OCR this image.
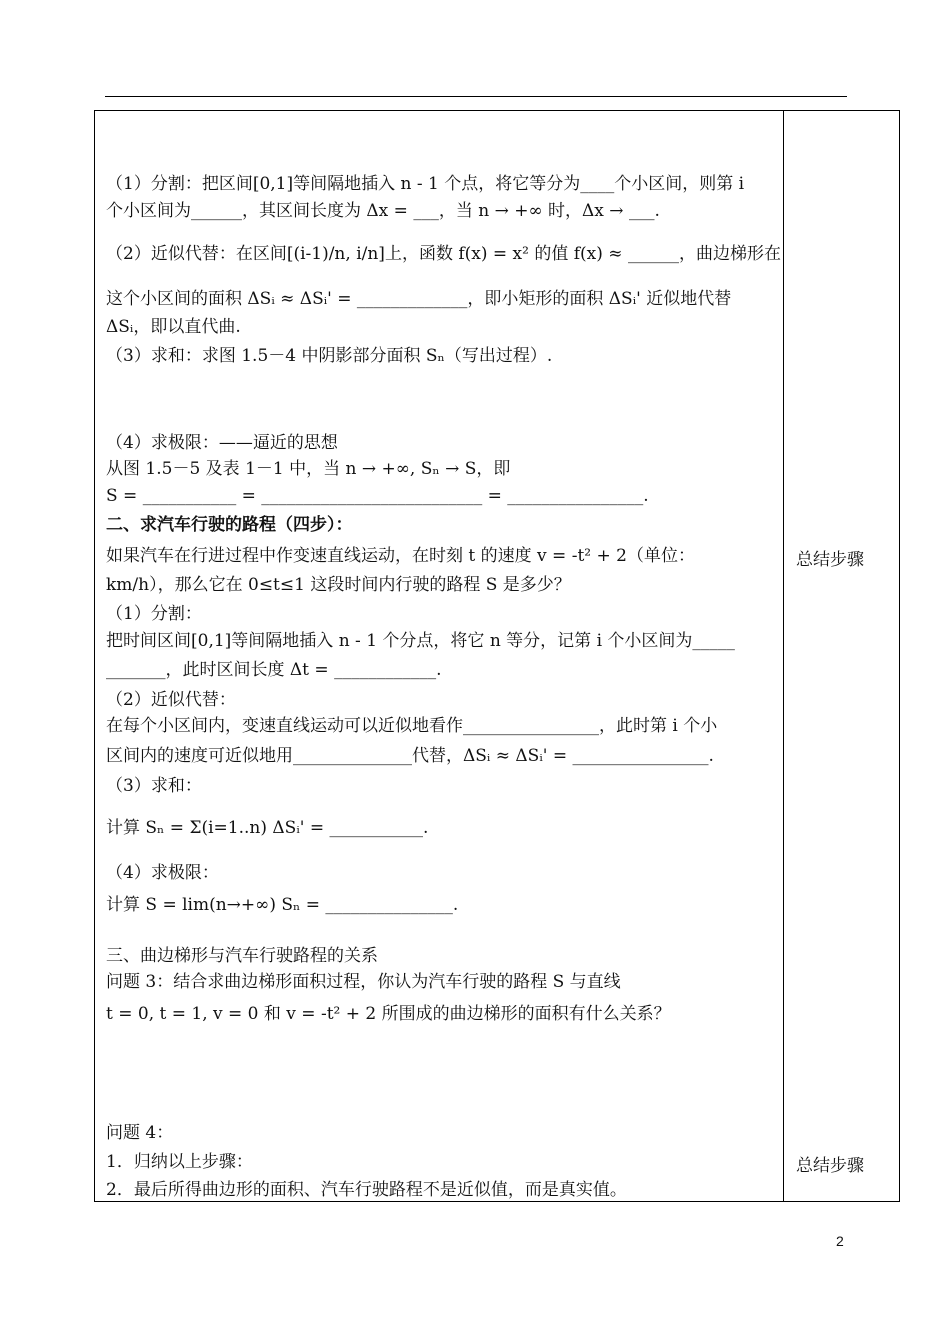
（1）分割：把区间[0,1]等间隔地插入 n - 1 个点，将它等分为____个小区间，则第 i
个小区间为______，其区间长度为 Δx = ___，当 n → +∞ 时，Δx → ___.
（2）近似代替：在区间[(i-1)/n, i/n]上，函数 f(x) = x² 的值 f(x) ≈ ______，曲边梯形在
这个小区间的面积 ΔSᵢ ≈ ΔSᵢ' = _____________，即小矩形的面积 ΔSᵢ' 近似地代替
ΔSᵢ，即以直代曲.
（3）求和：求图 1.5－4 中阴影部分面积 Sₙ（写出过程）.
（4）求极限：——逼近的思想
从图 1.5－5 及表 1－1 中，当 n → +∞, Sₙ → S，即
S = ___________ = __________________________ = ________________.
二、求汽车行驶的路程（四步）：
如果汽车在行进过程中作变速直线运动，在时刻 t 的速度 v = -t² + 2（单位：
km/h），那么它在 0≤t≤1 这段时间内行驶的路程 S 是多少？
（1）分割：
把时间区间[0,1]等间隔地插入 n - 1 个分点，将它 n 等分，记第 i 个小区间为_____
_______，此时区间长度 Δt = ____________.
（2）近似代替：
在每个小区间内，变速直线运动可以近似地看作________________，此时第 i 个小
区间内的速度可近似地用______________代替，ΔSᵢ ≈ ΔSᵢ' = ________________.
（3）求和：
计算 Sₙ = Σ(i=1..n) ΔSᵢ' = ___________.
（4）求极限：
计算 S = lim(n→+∞) Sₙ = _______________.
三、曲边梯形与汽车行驶路程的关系
问题 3：结合求曲边梯形面积过程，你认为汽车行驶的路程 S 与直线
t = 0, t = 1, v = 0 和 v = -t² + 2 所围成的曲边梯形的面积有什么关系？
问题 4：
1．归纳以上步骤：
2．最后所得曲边形的面积、汽车行驶路程不是近似值，而是真实值。
总结步骤
总结步骤
2
